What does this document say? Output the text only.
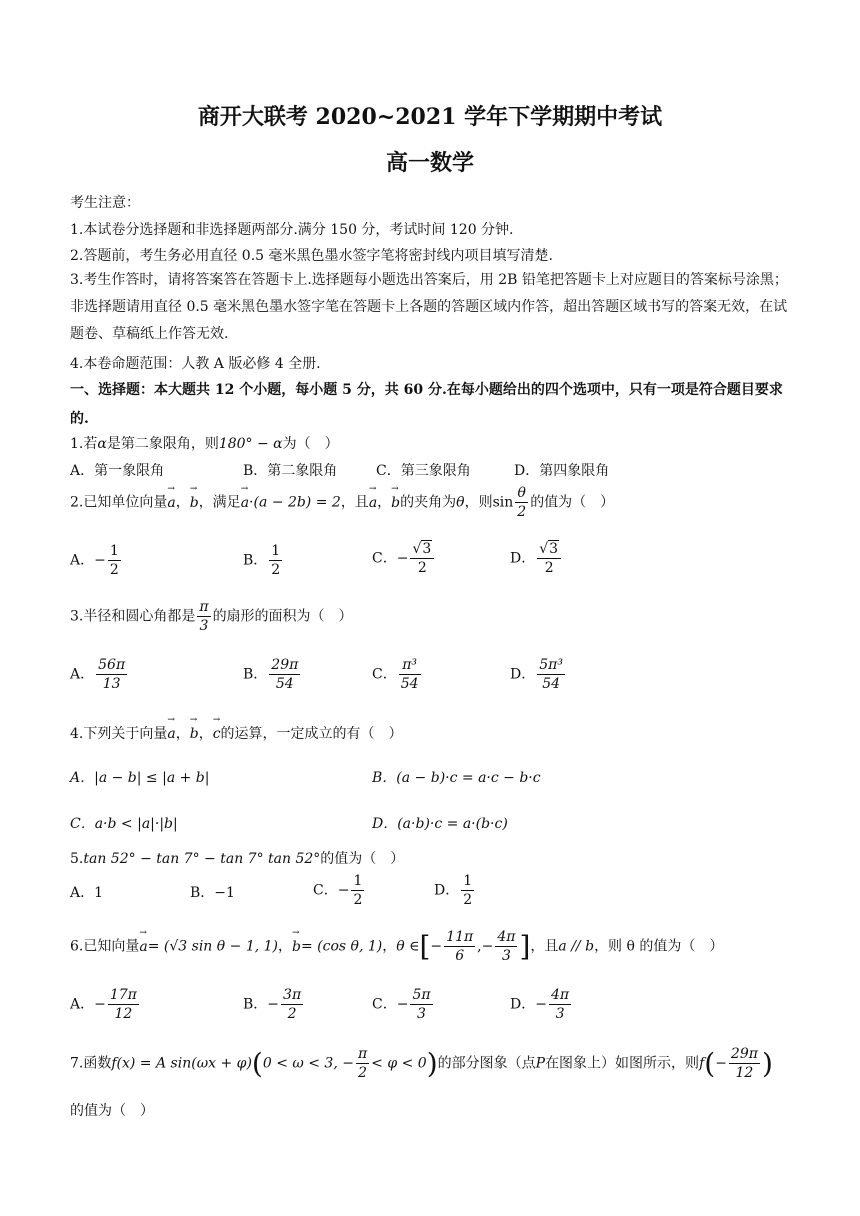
商开大联考 2020~2021 学年下学期期中考试
高一数学
考生注意：
1.本试卷分选择题和非选择题两部分.满分 150 分，考试时间 120 分钟.
2.答题前，考生务必用直径 0.5 毫米黑色墨水签字笔将密封线内项目填写清楚.
3.考生作答时，请将答案答在答题卡上.选择题每小题选出答案后，用 2B 铅笔把答题卡上对应题目的答案标号涂黑；非选择题请用直径 0.5 毫米黑色墨水签字笔在答题卡上各题的答题区域内作答，超出答题区域书写的答案无效，在试题卷、草稿纸上作答无效.
4.本卷命题范围：人教 A 版必修 4 全册.
一、选择题：本大题共 12 个小题，每小题 5 分，共 60 分.在每小题给出的四个选项中，只有一项是符合题目要求的.
1.若α是第二象限角，则180° − α为（　）
A．第一象限角	B．第二象限角	C．第三象限角	D．第四象限角
2.已知单位向量→ a，→ b，满足→ a·(a − 2b) = 2，且→ a，→ b的夹角为θ，则$\sin \frac{\theta}{2}$ 的值为（　）
A．− $\frac{1}{2}$	B． $\frac{1}{2}$	C．− $\frac{√3}{2}$	D． $\frac{√3}{2}$
3.半径和圆心角都是 $\frac{\pi}{3}$ 的扇形的面积为（　）
A． $\frac{56\pi}{13}$	B． $\frac{29\pi}{54}$	C． $\frac{\text{π³}}{54}$	D． $\frac{\text{5π³}}{54}$
4.下列关于向量→ a，→ b，→ c的运算，一定成立的有（　）
A．|a − b| ≤ |a + b|	B．(a − b)·c = a·c − b·c
C．a·b < |a|·|b|	D．(a·b)·c = a·(b·c)
5.tan 52° − tan 7° − tan 7° tan 52°的值为（　）
A．1	B．−1	C．− $\frac{1}{2}$	D． $\frac{1}{2}$
6.已知向量→ a= (√3 sin θ − 1, 1)，→ b= (cos θ, 1)，θ ∈[− $\frac{11\pi}{6}$ ,− $\frac{4\pi}{3}$ ]，且a // b，则 θ 的值为（　）
A．− $\frac{17\pi}{12}$	B．− $\frac{3\pi}{2}$	C．− $\frac{5\pi}{3}$	D．− $\frac{4\pi}{3}$
7.函数f(x) = A sin(ωx + φ)(0 < ω < 3, − $\frac{\pi}{2} < \varphi < 0$)的部分图象（点P在图象上）如图所示，则$f(- \frac{29\pi}{12}$ )
的值为（　）
